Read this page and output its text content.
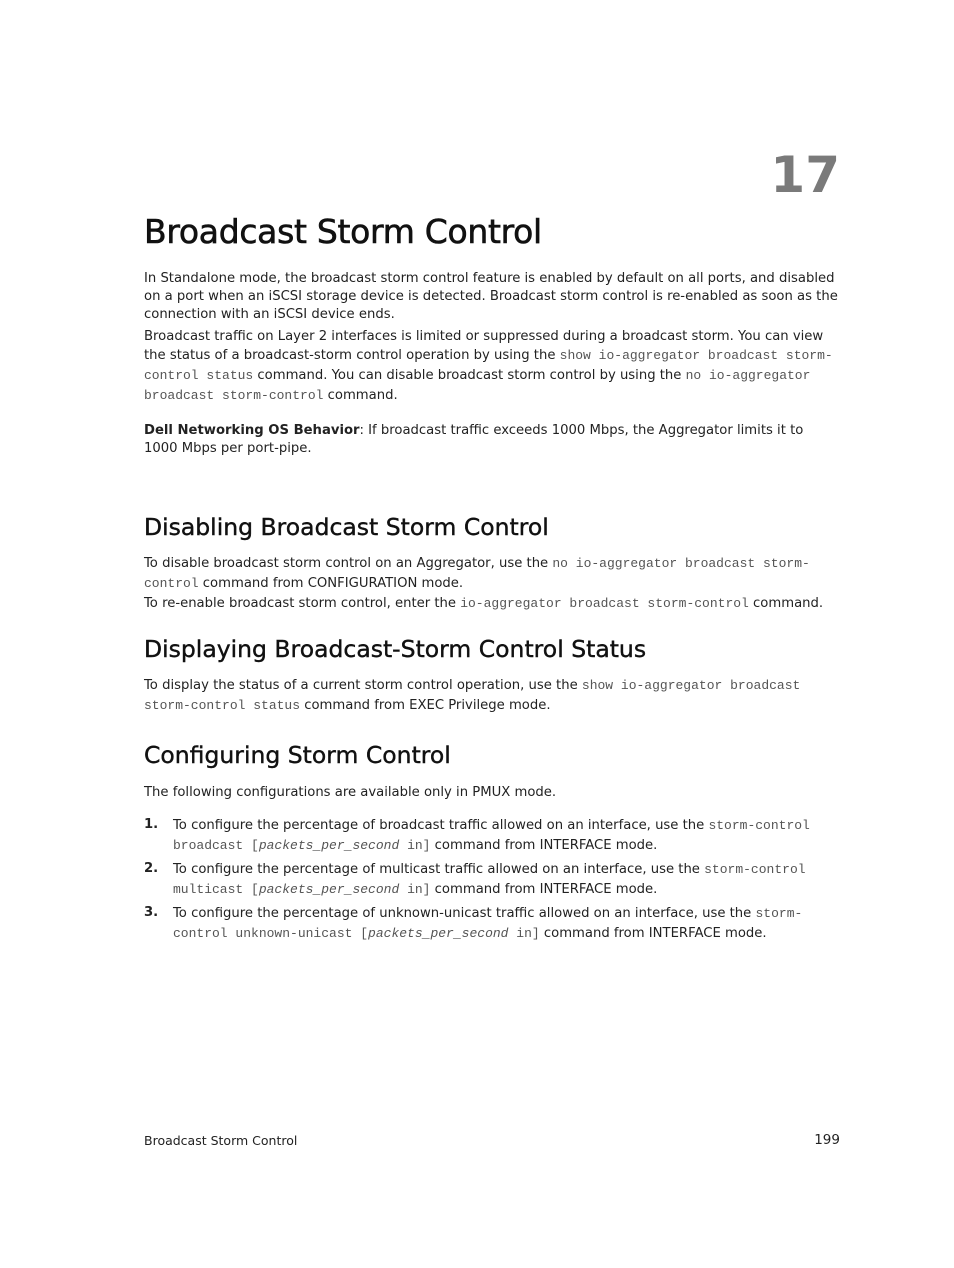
17
Broadcast Storm Control

In Standalone mode, the broadcast storm control feature is enabled by default on all ports, and disabled on a port when an iSCSI storage device is detected. Broadcast storm control is re-enabled as soon as the connection with an iSCSI device ends.

Broadcast traffic on Layer 2 interfaces is limited or suppressed during a broadcast storm. You can view the status of a broadcast-storm control operation by using the show io-aggregator broadcast storm-control status command. You can disable broadcast storm control by using the no io-aggregator broadcast storm-control command.

Dell Networking OS Behavior: If broadcast traffic exceeds 1000 Mbps, the Aggregator limits it to 1000 Mbps per port-pipe.

Disabling Broadcast Storm Control

To disable broadcast storm control on an Aggregator, use the no io-aggregator broadcast storm-control command from CONFIGURATION mode.
To re-enable broadcast storm control, enter the io-aggregator broadcast storm-control command.

Displaying Broadcast-Storm Control Status

To display the status of a current storm control operation, use the show io-aggregator broadcast storm-control status command from EXEC Privilege mode.

Configuring Storm Control

The following configurations are available only in PMUX mode.

1. To configure the percentage of broadcast traffic allowed on an interface, use the storm-control broadcast [packets_per_second in] command from INTERFACE mode.
2. To configure the percentage of multicast traffic allowed on an interface, use the storm-control multicast [packets_per_second in] command from INTERFACE mode.
3. To configure the percentage of unknown-unicast traffic allowed on an interface, use the storm-control unknown-unicast [packets_per_second in] command from INTERFACE mode.
Broadcast Storm Control	199
